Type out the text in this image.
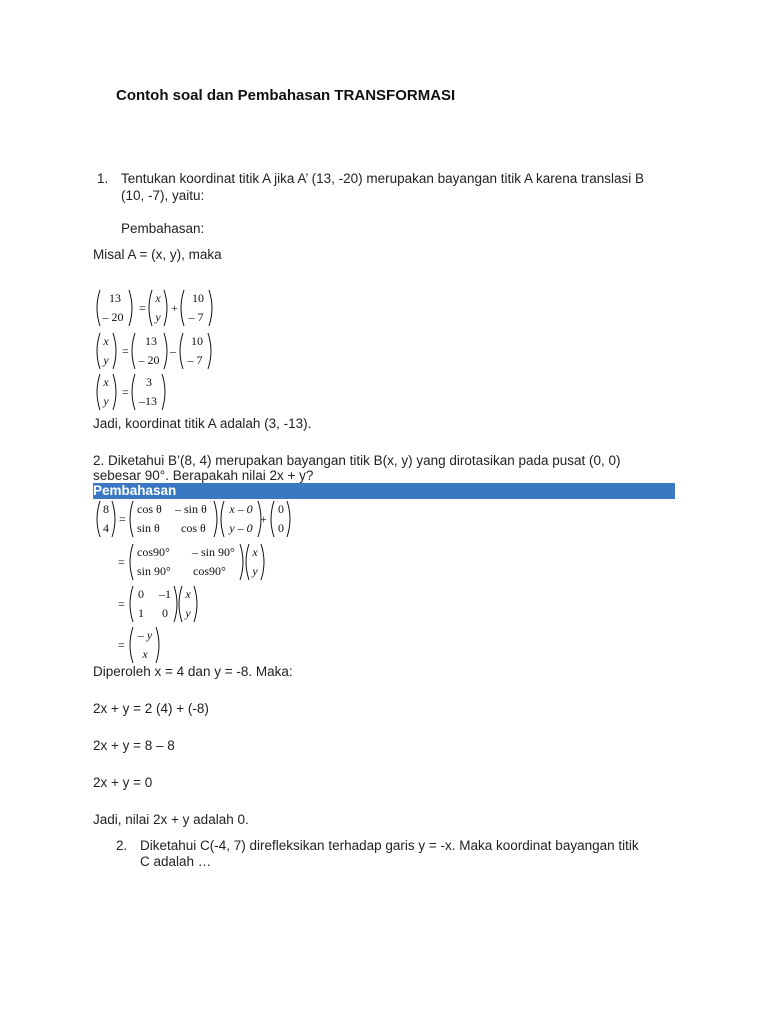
Contoh soal dan Pembahasan TRANSFORMASI
1. Tentukan koordinat titik A jika A’ (13, -20) merupakan bayangan titik A karena translasi B
(10, -7), yaitu:
Pembahasan:
Misal A = (x, y), maka
13
– 20
=
x
y
+
10
– 7
x
y
=
13
– 20
–
10
– 7
x
y
=
3
–13
Jadi, koordinat titik A adalah (3, -13).
2. Diketahui B’(8, 4) merupakan bayangan titik B(x, y) yang dirotasikan pada pusat (0, 0)
sebesar 90°. Berapakah nilai 2x + y?
Pembahasan
8
4
=
cos θ – sin θ
sin θ cos θ
x – 0
y – 0
+
0
0
=
cos90° – sin 90°
sin 90° cos90°
x
y
=
0 –1
1 0
x
y
=
– y
x
Diperoleh x = 4 dan y = -8. Maka:
2x + y = 2 (4) + (-8)
2x + y = 8 – 8
2x + y = 0
Jadi, nilai 2x + y adalah 0.
2. Diketahui C(-4, 7) direfleksikan terhadap garis y = -x. Maka koordinat bayangan titik
C adalah …
